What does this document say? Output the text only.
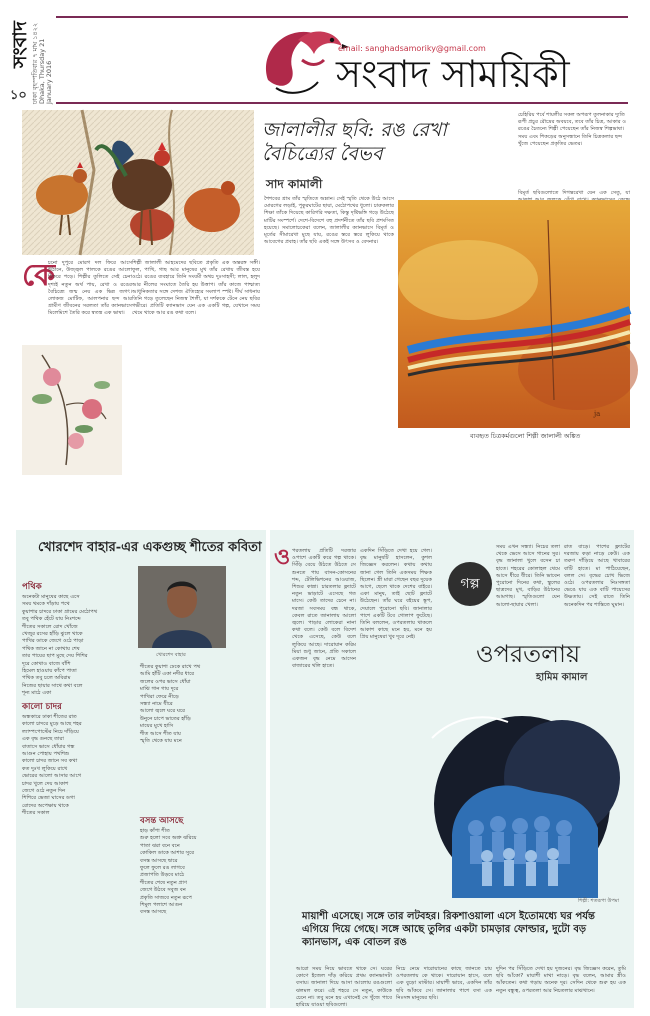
সংবাদ
১০ ঢাকা বৃহস্পতিবার ৭ মাঘ ১৪২২ Dhaka, Thursday 21 January 2016
email: sanghadsamoriky@gmail.com
সংবাদ সাময়িকী
জালালীর ছবি: রঙ রেখা বৈচিত্র্যের বৈভব
সাদ কামালী
চেহিরিয় পর্বে শায়লীর সকল অপরূপ তুলনাকার দ্যুতি রূপী প্রচুর রৌদ্রের অবয়বে, তবে তাঁর চিত্র, আকার ও রঙের চৈতন্যে শিল্পী পেয়েছেন তাঁর নিজস্ব শিল্পভাষা। সময় এবং শিকড়ের অনুসন্ধানে তিনি চিত্রকলার ছন্দ খুঁজে পেয়েছেন প্রকৃতির ভেতর।
কে
চনো দুপুরে মোরগ দল ফিরে আসে উঠানে, উজ্জ্বল পালকে রঙের আলো ঠিকরে পড়ে। শিল্পীর তুলিতে সেই চেনা দৃশ্যই নতুন অর্থ পায়, রেখা ও রঙের বৈচিত্র্যে জন্ম নেয় এক ভিন্ন জগৎ। লোকজ মোটিফ, আলপনার ছন্দ আর গ্রামীণ জীবনের সরলতা তাঁর ক্যানভাসে মিলেমিশে তৈরি করে স্বতন্ত্র এক ভাষা।
শিল্পী জালালী আহমেদের ছবিতে প্রকৃতি এক অন্তরঙ্গ সঙ্গী। ফুল, পাখি, গাছ আর মানুষের মুখ তাঁর রেখায় জীবন্ত হয়ে ওঠে। রঙের ব্যবহারে তিনি সংযমী অথচ দুঃসাহসী; লাল, হলুদ আর নীলের সংঘাতে তৈরি হয় উত্তাপ। তাঁর কাজে পাশ্চাত্য আধুনিকতার সঙ্গে দেশজ ঐতিহ্যের সংলাপ স্পষ্ট। দীর্ঘ সাধনায় তিনি গড়ে তুলেছেন নিজস্ব শৈলী, যা দর্শককে টেনে নেয় ছবির গভীরে। প্রতিটি ক্যানভাস যেন এক একটি গল্প, যেখানে সময় থেমে থাকে আর রঙ কথা বলে।
শৈশবের গ্রাম তাঁর স্মৃতিতে অম্লান। সেই স্মৃতি থেকে উঠে আসে মোরগের লড়াই, পুকুরঘাটের ছায়া, মেঠোপথের ধুলো। চারুকলার শিক্ষা তাঁকে দিয়েছে কারিগরি দক্ষতা, কিন্তু দৃষ্টিভঙ্গি গড়ে উঠেছে মাটির সংস্পর্শে। দেশে-বিদেশে বহু প্রদর্শনীতে তাঁর ছবি প্রশংসিত হয়েছে। সমালোচকেরা বলেন, জালালীর ক্যানভাসে বিমূর্ত ও মূর্তের সীমারেখা মুছে যায়, রঙের স্তরে স্তরে লুকিয়ে থাকে আবেগের প্রবাহ। তাঁর ছবি একই সঙ্গে উৎসব ও বেদনার।
বিমূর্ত ছবিগুলোতে দিগন্তরেখা যেন এক সেতু, যা
ja
ব্যবহৃত চিত্রকর্মগুলো শিল্পী জালালী অঙ্কিত
খোরশেদ বাহার-এর একগুচ্ছ শীতের কবিতা
খোরশেদ বাহার
পথিক
অনেকটা মানুষের কাছে এসে
সময় থমকে দাঁড়ায় পথে
কুয়াশার চাদরে ঢাকা গ্রামের মেঠোপথ
তবু পথিক হেঁটে যায় নিঃশব্দে
শীতের সকালে রোদ খোঁজে
খেজুর রসের হাঁড়ি ঝুলে থাকে
পাখির ডাকে জেগে ওঠে পাড়া
পথিক জানে না কোথায় শেষ
তার পায়ের ছাপ মুছে দেয় শিশির
দূরে কোথাও বাজে বাঁশি
হিমেল হাওয়ায় কাঁপে পাতা
পথিক তবু চলে অবিরাম
নিজের ছায়ার সাথে কথা বলে
শূন্য মাঠে একা
কালো চাদর
অন্ধকারে ঢাকা শীতের রাত
কালো চাদরে মুড়ে আছে শহর
ল্যাম্পপোস্টের নিচে দাঁড়িয়ে
এক বৃদ্ধ গুনছে তারা
বাতাসে ভাসে ধোঁয়ার গন্ধ
আগুন পোহায় পথশিশু
কালো চাদর জানে সব কথা
কত দুঃখ লুকিয়ে রাখে
ভোরের আলো আসার আগে
চাদর খুলে দেয় আকাশ
জেগে ওঠে নতুন দিন
শিশিরে ভেজা ঘাসের ডগা
রোদের অপেক্ষায় থাকে
শীতের সকাল
শীতের কুয়াশা ঢেকে রাখে পথ
আমি হাঁটি একা নদীর ধারে
জলের ওপর ভাসে ধোঁয়া
মাঝি গান গায় দূরে
পাখিরা ফেরে নীড়ে
সন্ধ্যা নামে ধীরে
আলো জ্বলে ঘরে ঘরে
উনুনে চাপে ভাতের হাঁড়ি
মায়ের মুখে হাসি
শীত আসে শীত যায়
স্মৃতি থেকে যায় মনে
বসন্ত আসছে
হাড় কাঁপা শীত
শুরু হলো সবে অশ্রু ঝরিয়ে
পাতা ঝরা বনে বনে
কোকিল ডাকে আশার সুরে
বসন্ত আসছে দ্বারে
ফুলে ফুলে রঙ লাগবে
প্রজাপতি উড়বে মাঠে
শীতের শেষে নতুন প্রাণ
জেগে উঠবে সবুজ বন
প্রকৃতি সাজবে নতুন রূপে
শিমুল পলাশে আগুন
বসন্ত আসছে
ও পরতলায় প্রতিটি দরজার ওপাশে একটি করে গল্প থাকে। সিঁড়ি বেয়ে উঠতে উঠতে সে শুনতে পায় বাসন-কোসনের শব্দ, টেলিভিশনের আওয়াজ, শিশুর কান্না। চারতলার ফ্ল্যাটে নতুন ভাড়াটে এসেছে গত মাসে। কেউ তাদের চেনে না। দরজা সবসময় বন্ধ থাকে, কেবল রাতে জানালায় আলো জ্বলে। পাড়ার লোকেরা নানা কথা বলে। কেউ বলে বিদেশ থেকে এসেছে, কেউ বলে লুকিয়ে আছে। দারোয়ান করিম মিয়া শুধু জানে, প্রতি সকালে একজন বৃদ্ধ নেমে আসেন বাজারের থলি হাতে।
একদিন সিঁড়িতে দেখা হয়ে গেল। বৃদ্ধ মানুষটি হাসলেন, কুশল জিজ্ঞেস করলেন। কথায় কথায় জানা গেল তিনি একসময় শিক্ষক ছিলেন। স্ত্রী মারা গেছেন বছর দুয়েক আগে, ছেলে থাকে দেশের বাইরে। একা মানুষ, তাই ছোট ফ্ল্যাটে উঠেছেন। তাঁর ঘরে বইয়ের স্তূপ, দেয়ালে পুরোনো ছবি। জানালার পাশে একটি টবে গোলাপ ফুটেছে। তিনি বললেন, ওপরতলায় থাকলে আকাশ কাছে মনে হয়, মনে হয় প্রিয় মানুষেরা খুব দূরে নেই।
গল্প
সময় এখন সন্ধ্যা। নিচের তলা থেকে ভেসে আসে গানের সুর। বৃদ্ধ জানালা খুলে বসেন চা হাতে। শহরের কোলাহল থেমে আসে ধীরে ধীরে। তিনি ভাবেন পুরোনো দিনের কথা, স্কুলের ছাত্রদের মুখ, বাড়ির উঠানের আমগাছ। স্মৃতিগুলো যেন আলো-ছায়ার খেলা।
রাত বাড়ে। পাশের ফ্ল্যাটের দরজায় কড়া নাড়ে কেউ। এক তরুণ দাঁড়িয়ে আছে খাবারের বাটি হাতে। মা পাঠিয়েছেন, বলল সে। বৃদ্ধের চোখ ভিজে ওঠে। ওপরতলার নিঃসঙ্গতা ভেঙে যায় এক বাটি পায়েসের উষ্ণতায়। সেই রাতে তিনি অনেকদিন পর শান্তিতে ঘুমান।
ওপরতলায়
হামিম কামাল
শিল্পী: শতরূপা উপমা
মায়াশী এসেছে। সঙ্গে তার লটবহর। রিকশাওয়ালা এসে ইতোমধ্যে ঘর পর্যন্ত এগিয়ে দিয়ে গেছে। সঙ্গে আছে তুলির একটা চামড়ার ফোল্ডার, দুটো বড় ক্যানভাস, এক বোতল রঙ
আরো সময় নিয়ে ভাবতে থাকে সে। ঘরের কোণে ইজেল দাঁড় করিয়ে প্রথম ক্যানভাসটা বসায়। জানালা দিয়ে আসা আলোয় রঙগুলো ঝলমল করে। এই শহরে সে নতুন, কাউকে চেনে না। তবু মনে হয় এখানেই সে খুঁজে পাবে হারিয়ে যাওয়া ছবিগুলো।
নিচে নেমে দারোয়ানের কাছে জানতে চায় ওপরতলায় কে থাকে। দারোয়ান হাসে, বলে এক বুড়ো মাস্টার। মায়াশী ভাবে, একদিন তাঁর ছবি আঁকবে সে। জানালার পাশে বসা এক নিঃসঙ্গ মানুষের ছবি।
দুদিন পর সিঁড়িতে দেখা হয় দুজনের। বৃদ্ধ জিজ্ঞেস করেন, তুমি ছবি আঁকো? মায়াশী মাথা নাড়ে। বৃদ্ধ বলেন, আমার স্ত্রীও আঁকতেন। কথা গড়ায় অনেক দূর। সেদিন থেকে শুরু হয় এক নতুন বন্ধুত্ব, ওপরতলা আর নিচতলার মাঝখানে।
